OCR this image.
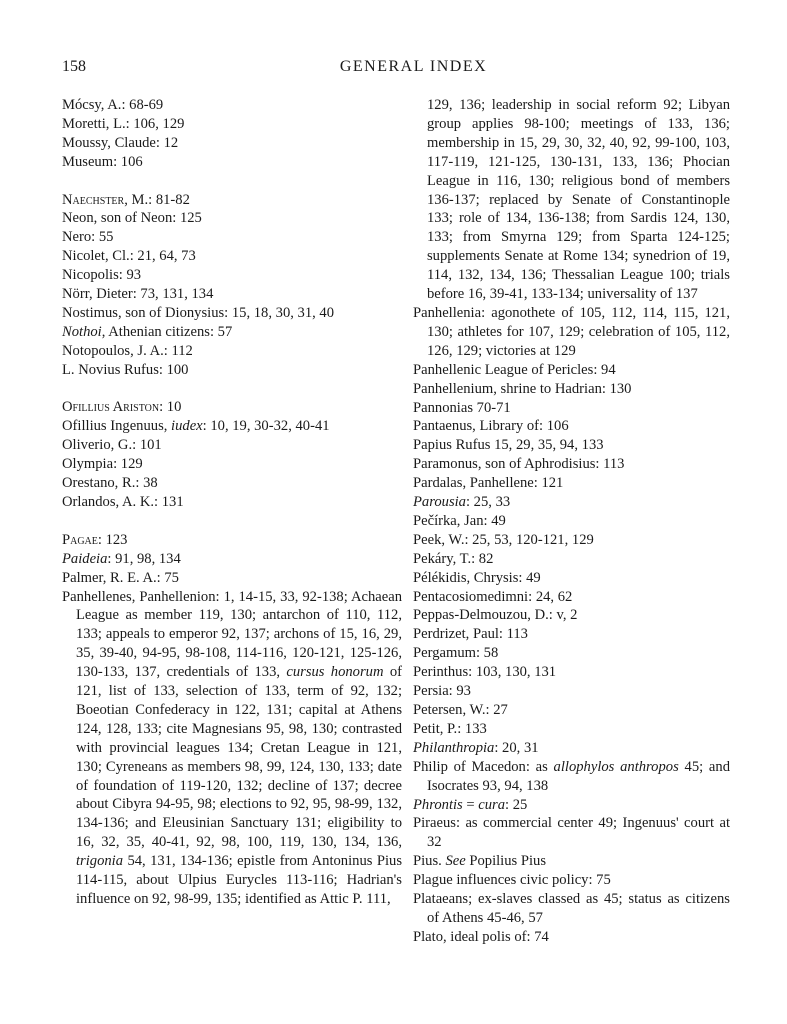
158	GENERAL INDEX
Mócsy, A.: 68-69
Moretti, L.: 106, 129
Moussy, Claude: 12
Museum: 106
Naechster, M.: 81-82
Neon, son of Neon: 125
Nero: 55
Nicolet, Cl.: 21, 64, 73
Nicopolis: 93
Nörr, Dieter: 73, 131, 134
Nostimus, son of Dionysius: 15, 18, 30, 31, 40
Nothoi, Athenian citizens: 57
Notopoulos, J. A.: 112
L. Novius Rufus: 100
Ofillius Ariston: 10
Ofillius Ingenuus, iudex: 10, 19, 30-32, 40-41
Oliverio, G.: 101
Olympia: 129
Orestano, R.: 38
Orlandos, A. K.: 131
Pagae: 123
Paideia: 91, 98, 134
Palmer, R. E. A.: 75
Panhellenes, Panhellenion: 1, 14-15, 33, 92-138; Achaean League as member 119, 130; antarchon of 110, 112, 133; appeals to emperor 92, 137; archons of 15, 16, 29, 35, 39-40, 94-95, 98-108, 114-116, 120-121, 125-126, 130-133, 137, credentials of 133, cursus honorum of 121, list of 133, selection of 133, term of 92, 132; Boeotian Confederacy in 122, 131; capital at Athens 124, 128, 133; cite Magnesians 95, 98, 130; contrasted with provincial leagues 134; Cretan League in 121, 130; Cyreneans as members 98, 99, 124, 130, 133; date of foundation of 119-120, 132; decline of 137; decree about Cibyra 94-95, 98; elections to 92, 95, 98-99, 132, 134-136; and Eleusinian Sanctuary 131; eligibility to 16, 32, 35, 40-41, 92, 98, 100, 119, 130, 134, 136, trigonia 54, 131, 134-136; epistle from Antoninus Pius 114-115, about Ulpius Eurycles 113-116; Hadrian's influence on 92, 98-99, 135; identified as Attic P. 111,
129, 136; leadership in social reform 92; Libyan group applies 98-100; meetings of 133, 136; membership in 15, 29, 30, 32, 40, 92, 99-100, 103, 117-119, 121-125, 130-131, 133, 136; Phocian League in 116, 130; religious bond of members 136-137; replaced by Senate of Constantinople 133; role of 134, 136-138; from Sardis 124, 130, 133; from Smyrna 129; from Sparta 124-125; supplements Senate at Rome 134; synedrion of 19, 114, 132, 134, 136; Thessalian League 100; trials before 16, 39-41, 133-134; universality of 137
Panhellenia: agonothete of 105, 112, 114, 115, 121, 130; athletes for 107, 129; celebration of 105, 112, 126, 129; victories at 129
Panhellenic League of Pericles: 94
Panhellenium, shrine to Hadrian: 130
Pannonias 70-71
Pantaenus, Library of: 106
Papius Rufus 15, 29, 35, 94, 133
Paramonus, son of Aphrodisius: 113
Pardalas, Panhellene: 121
Parousia: 25, 33
Pečírka, Jan: 49
Peek, W.: 25, 53, 120-121, 129
Pekáry, T.: 82
Pélékidis, Chrysis: 49
Pentacosiomedimni: 24, 62
Peppas-Delmouzou, D.: v, 2
Perdrizet, Paul: 113
Pergamum: 58
Perinthus: 103, 130, 131
Persia: 93
Petersen, W.: 27
Petit, P.: 133
Philanthropia: 20, 31
Philip of Macedon: as allophylos anthropos 45; and Isocrates 93, 94, 138
Phrontis = cura: 25
Piraeus: as commercial center 49; Ingenuus' court at 32
Pius. See Popilius Pius
Plague influences civic policy: 75
Plataeans; ex-slaves classed as 45; status as citizens of Athens 45-46, 57
Plato, ideal polis of: 74
